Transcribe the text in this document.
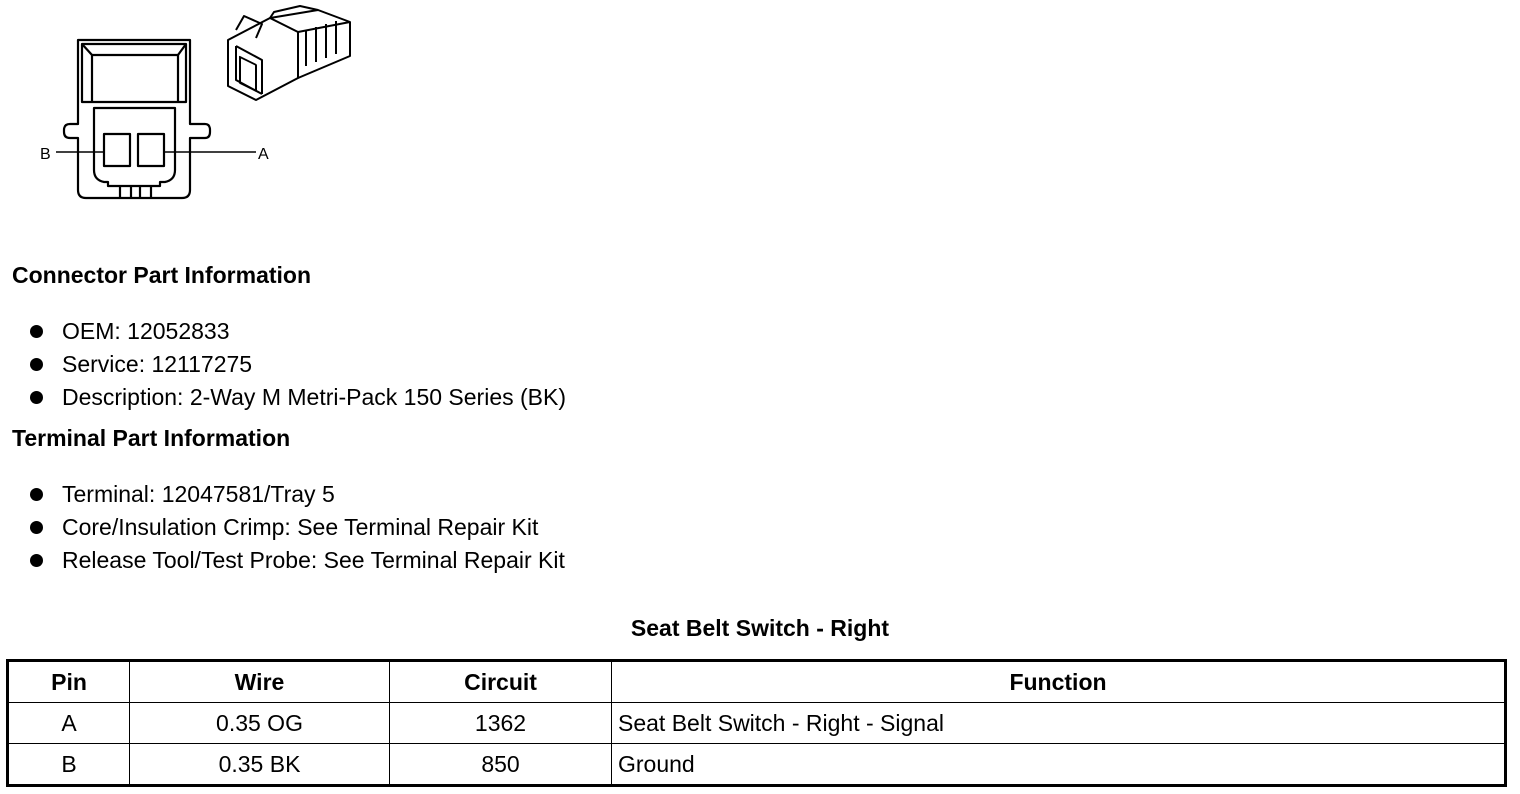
B	A
Connector Part Information
OEM: 12052833
Service: 12117275
Description: 2-Way M Metri-Pack 150 Series (BK)
Terminal Part Information
Terminal: 12047581/Tray 5
Core/Insulation Crimp: See Terminal Repair Kit
Release Tool/Test Probe: See Terminal Repair Kit
Seat Belt Switch - Right
Pin	Wire	Circuit	Function
A	0.35 OG	1362	Seat Belt Switch - Right - Signal
B	0.35 BK	850	Ground
